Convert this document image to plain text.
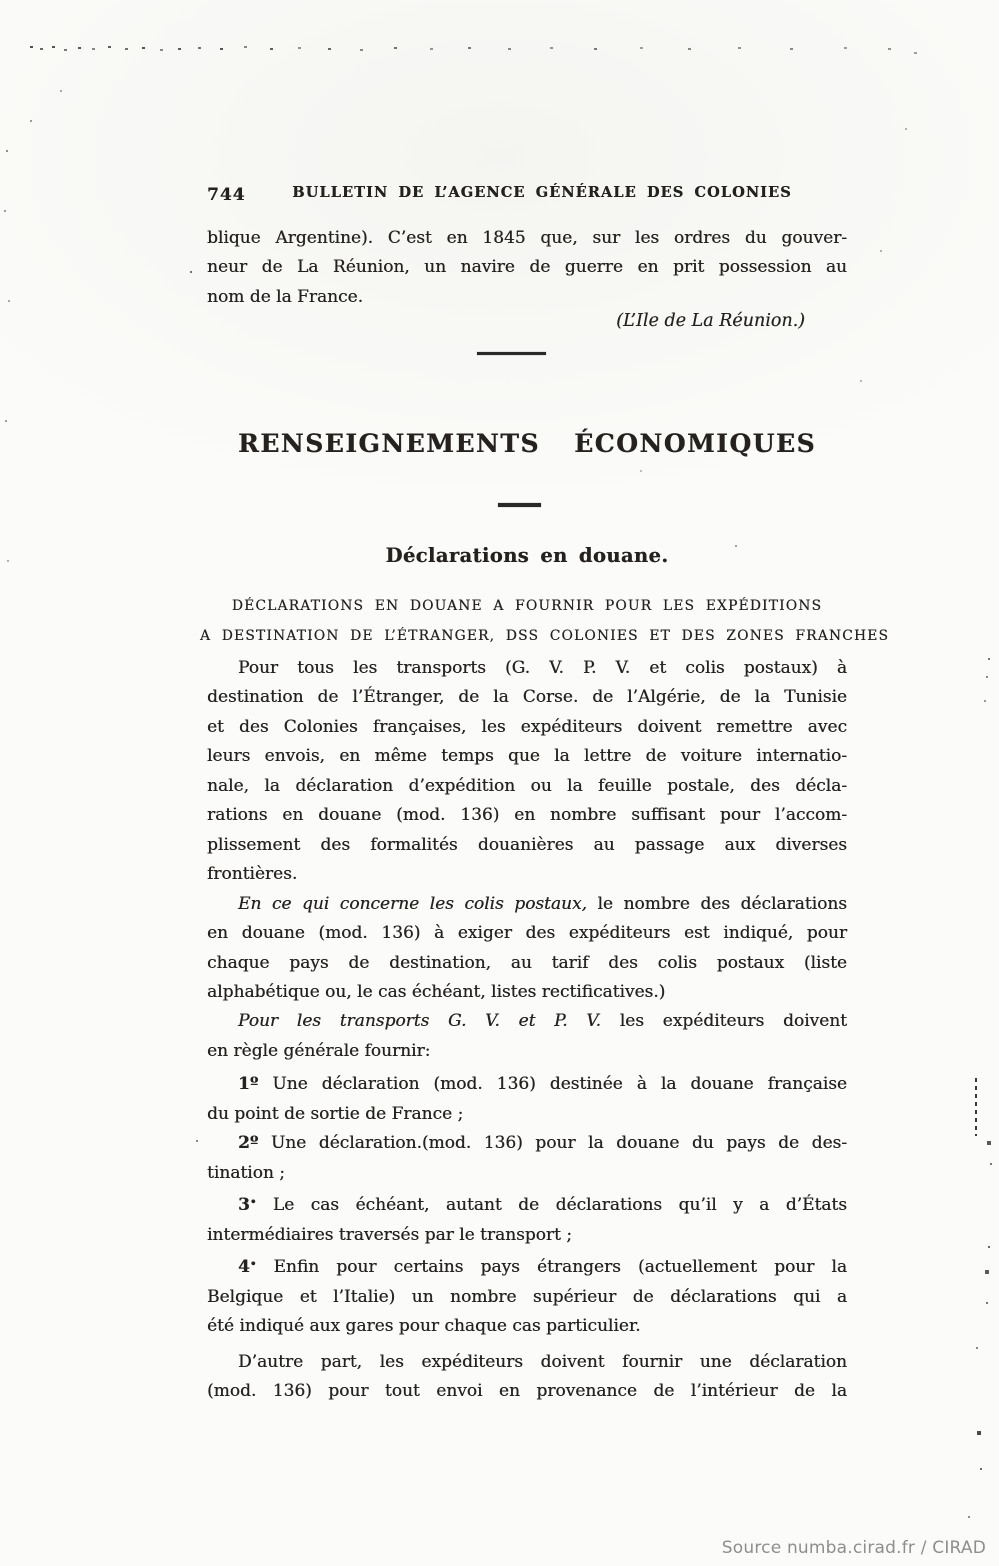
744	BULLETIN DE L’AGENCE GÉNÉRALE DES COLONIES
blique Argentine). C’est en 1845 que, sur les ordres du gouver-
neur de La Réunion, un navire de guerre en prit possession au
nom de la France.
(L’Ile de La Réunion.)
RENSEIGNEMENTS ÉCONOMIQUES
Déclarations en douane.
DÉCLARATIONS EN DOUANE A FOURNIR POUR LES EXPÉDITIONS
A DESTINATION DE L’ÉTRANGER, DSS COLONIES ET DES ZONES FRANCHES
Pour tous les transports (G. V. P. V. et colis postaux) à
destination de l’Étranger, de la Corse. de l’Algérie, de la Tunisie
et des Colonies françaises, les expéditeurs doivent remettre avec
leurs envois, en même temps que la lettre de voiture internatio-
nale, la déclaration d’expédition ou la feuille postale, des décla-
rations en douane (mod. 136) en nombre suffisant pour l’accom-
plissement des formalités douanières au passage aux diverses
frontières.
En ce qui concerne les colis postaux, le nombre des déclarations
en douane (mod. 136) à exiger des expéditeurs est indiqué, pour
chaque pays de destination, au tarif des colis postaux (liste
alphabétique ou, le cas échéant, listes rectificatives.)
Pour les transports G. V. et P. V. les expéditeurs doivent
en règle générale fournir:
1º Une déclaration (mod. 136) destinée à la douane française
du point de sortie de France ;
2º Une déclaration.(mod. 136) pour la douane du pays de des-
tination ;
3• Le cas échéant, autant de déclarations qu’il y a d’États
intermédiaires traversés par le transport ;
4• Enfin pour certains pays étrangers (actuellement pour la
Belgique et l’Italie) un nombre supérieur de déclarations qui a
été indiqué aux gares pour chaque cas particulier.
D’autre part, les expéditeurs doivent fournir une déclaration
(mod. 136) pour tout envoi en provenance de l’intérieur de la
Source numba.cirad.fr / CIRAD
